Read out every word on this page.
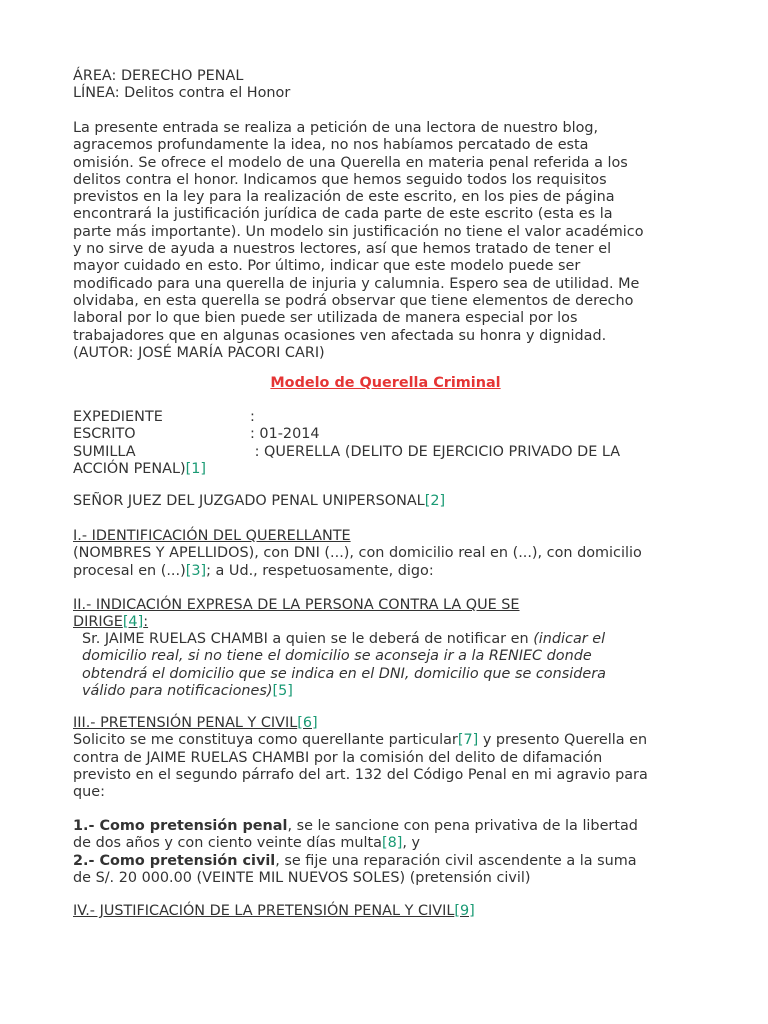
ÁREA: DERECHO PENAL
LÍNEA: Delitos contra el Honor
La presente entrada se realiza a petición de una lectora de nuestro blog,
agracemos profundamente la idea, no nos habíamos percatado de esta
omisión. Se ofrece el modelo de una Querella en materia penal referida a los
delitos contra el honor. Indicamos que hemos seguido todos los requisitos
previstos en la ley para la realización de este escrito, en los pies de página
encontrará la justificación jurídica de cada parte de este escrito (esta es la
parte más importante). Un modelo sin justificación no tiene el valor académico
y no sirve de ayuda a nuestros lectores, así que hemos tratado de tener el
mayor cuidado en esto. Por último, indicar que este modelo puede ser
modificado para una querella de injuria y calumnia. Espero sea de utilidad. Me
olvidaba, en esta querella se podrá observar que tiene elementos de derecho
laboral por lo que bien puede ser utilizada de manera especial por los
trabajadores que en algunas ocasiones ven afectada su honra y dignidad.
(AUTOR: JOSÉ MARÍA PACORI CARI)
Modelo de Querella Criminal
EXPEDIENTE	:
ESCRITO	: 01-2014
SUMILLA	: QUERELLA (DELITO DE EJERCICIO PRIVADO DE LA
ACCIÓN PENAL)[1]
SEÑOR JUEZ DEL JUZGADO PENAL UNIPERSONAL[2]
I.- IDENTIFICACIÓN DEL QUERELLANTE
(NOMBRES Y APELLIDOS), con DNI (...), con domicilio real en (...), con domicilio
procesal en (...)[3]; a Ud., respetuosamente, digo:
II.- INDICACIÓN EXPRESA DE LA PERSONA CONTRA LA QUE SE
DIRIGE[4]:
Sr. JAIME RUELAS CHAMBI a quien se le deberá de notificar en (indicar el
domicilio real, si no tiene el domicilio se aconseja ir a la RENIEC donde
obtendrá el domicilio que se indica en el DNI, domicilio que se considera
válido para notificaciones)[5]
III.- PRETENSIÓN PENAL Y CIVIL[6]
Solicito se me constituya como querellante particular[7] y presento Querella en
contra de JAIME RUELAS CHAMBI por la comisión del delito de difamación
previsto en el segundo párrafo del art. 132 del Código Penal en mi agravio para
que:
1.- Como pretensión penal, se le sancione con pena privativa de la libertad
de dos años y con ciento veinte días multa[8], y
2.- Como pretensión civil, se fije una reparación civil ascendente a la suma
de S/. 20 000.00 (VEINTE MIL NUEVOS SOLES) (pretensión civil)
IV.- JUSTIFICACIÓN DE LA PRETENSIÓN PENAL Y CIVIL[9]
